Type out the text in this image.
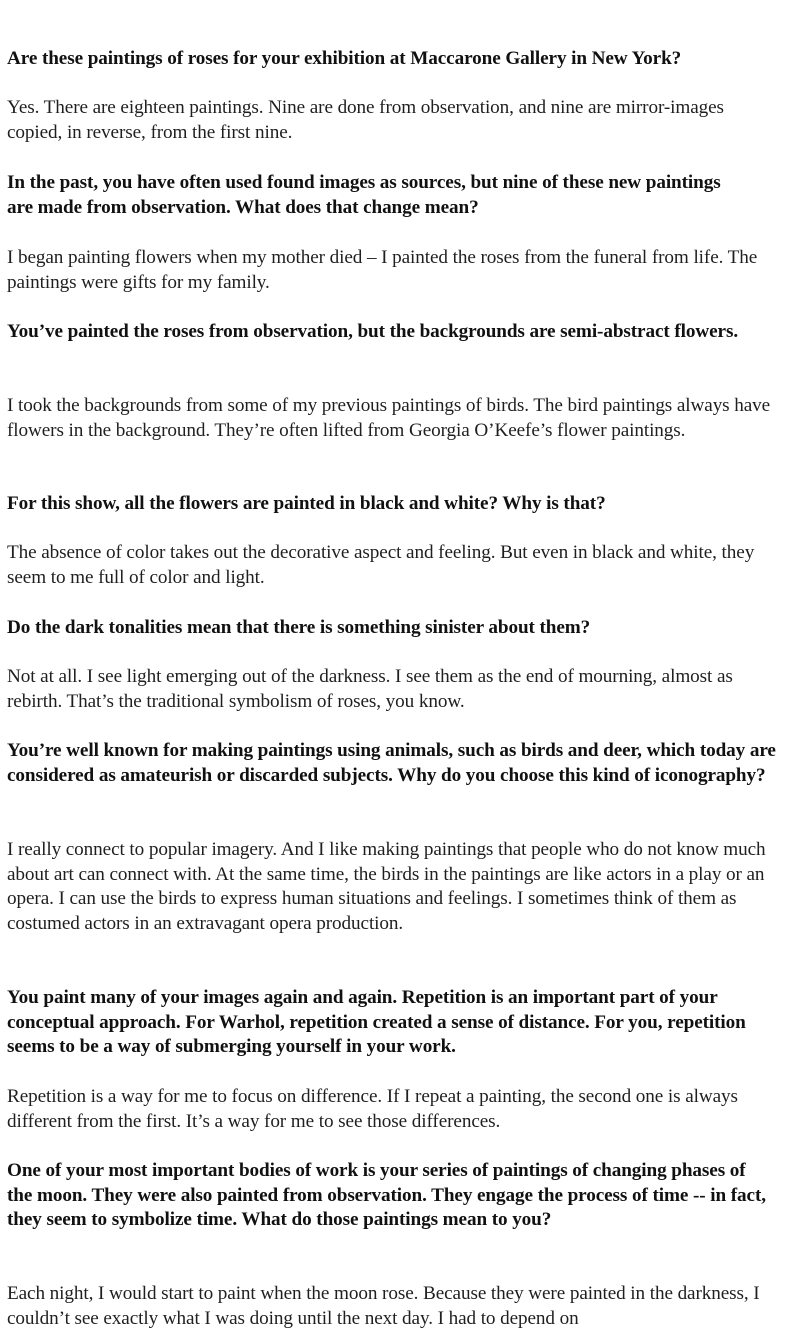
Are these paintings of roses for your exhibition at Maccarone Gallery in New York?

Yes. There are eighteen paintings. Nine are done from observation, and nine are mirror-images copied, in reverse, from the first nine.

In the past, you have often used found images as sources, but nine of these new paintings are made from observation. What does that change mean?

I began painting flowers when my mother died – I painted the roses from the funeral from life. The paintings were gifts for my family.

You’ve painted the roses from observation, but the backgrounds are semi-abstract flowers.

I took the backgrounds from some of my previous paintings of birds. The bird paintings always have flowers in the background. They’re often lifted from Georgia O’Keefe’s flower paintings.

For this show, all the flowers are painted in black and white? Why is that?

The absence of color takes out the decorative aspect and feeling. But even in black and white, they seem to me full of color and light.

Do the dark tonalities mean that there is something sinister about them?

Not at all. I see light emerging out of the darkness. I see them as the end of mourning, almost as rebirth. That’s the traditional symbolism of roses, you know.

You’re well known for making paintings using animals, such as birds and deer, which today are considered as amateurish or discarded subjects. Why do you choose this kind of iconography?

I really connect to popular imagery. And I like making paintings that people who do not know much about art can connect with. At the same time, the birds in the paintings are like actors in a play or an opera. I can use the birds to express human situations and feelings. I sometimes think of them as costumed actors in an extravagant opera production.

You paint many of your images again and again. Repetition is an important part of your conceptual approach. For Warhol, repetition created a sense of distance. For you, repetition seems to be a way of submerging yourself in your work.

Repetition is a way for me to focus on difference. If I repeat a painting, the second one is always different from the first. It’s a way for me to see those differences.

One of your most important bodies of work is your series of paintings of changing phases of the moon. They were also painted from observation. They engage the process of time -- in fact, they seem to symbolize time. What do those paintings mean to you?

Each night, I would start to paint when the moon rose. Because they were painted in the darkness, I couldn’t see exactly what I was doing until the next day. I had to depend on
